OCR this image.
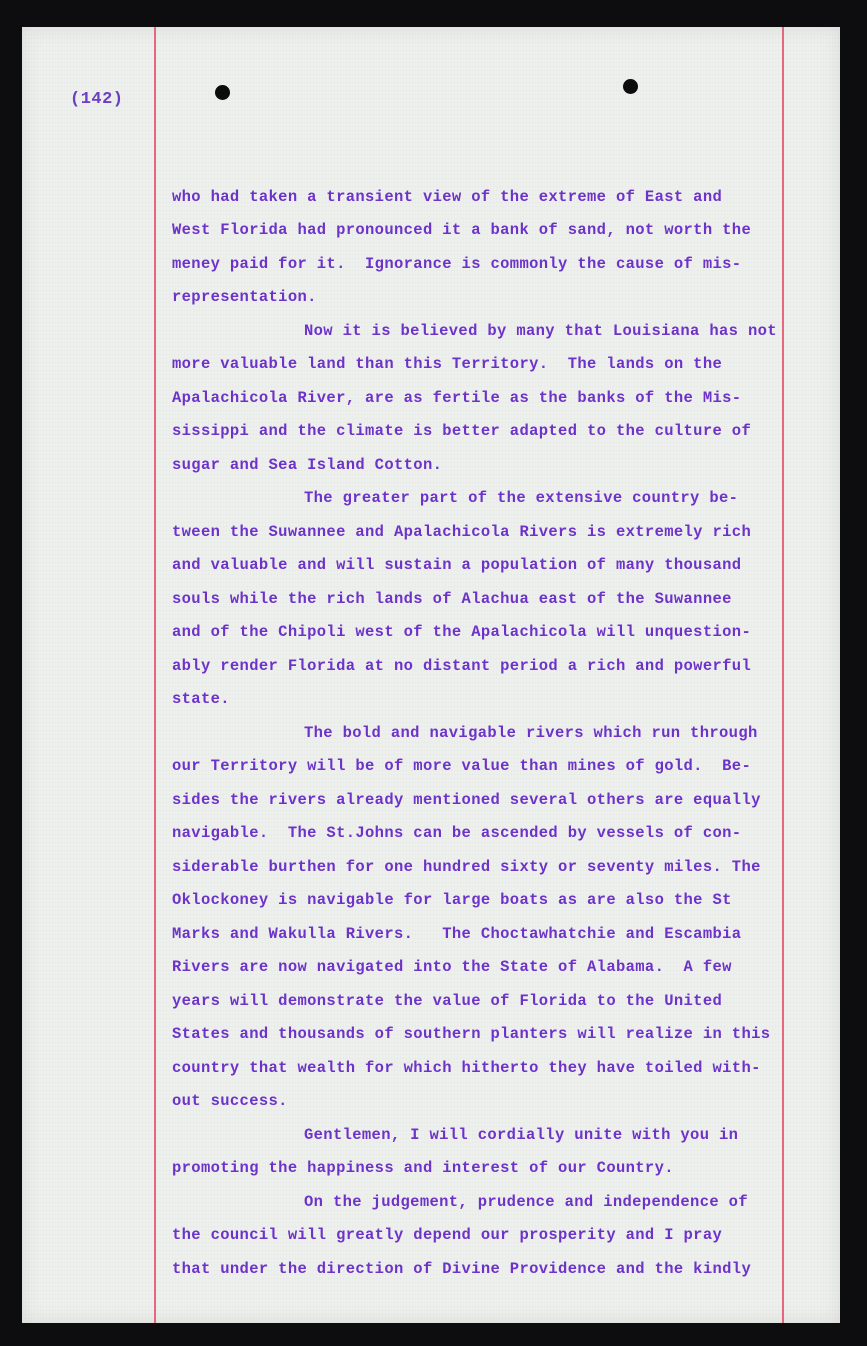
(142)
who had taken a transient view of the extreme of East and
West Florida had pronounced it a bank of sand, not worth the
meney paid for it.  Ignorance is commonly the cause of mis-
representation.
Now it is believed by many that Louisiana has not
more valuable land than this Territory.  The lands on the
Apalachicola River, are as fertile as the banks of the Mis-
sissippi and the climate is better adapted to the culture of
sugar and Sea Island Cotton.
The greater part of the extensive country be-
tween the Suwannee and Apalachicola Rivers is extremely rich
and valuable and will sustain a population of many thousand
souls while the rich lands of Alachua east of the Suwannee
and of the Chipoli west of the Apalachicola will unquestion-
ably render Florida at no distant period a rich and powerful
state.
The bold and navigable rivers which run through
our Territory will be of more value than mines of gold.  Be-
sides the rivers already mentioned several others are equally
navigable.  The St.Johns can be ascended by vessels of con-
siderable burthen for one hundred sixty or seventy miles. The
Oklockoney is navigable for large boats as are also the St
Marks and Wakulla Rivers.   The Choctawhatchie and Escambia
Rivers are now navigated into the State of Alabama.  A few
years will demonstrate the value of Florida to the United
States and thousands of southern planters will realize in this
country that wealth for which hitherto they have toiled with-
out success.
Gentlemen, I will cordially unite with you in
promoting the happiness and interest of our Country.
On the judgement, prudence and independence of
the council will greatly depend our prosperity and I pray
that under the direction of Divine Providence and the kindly
